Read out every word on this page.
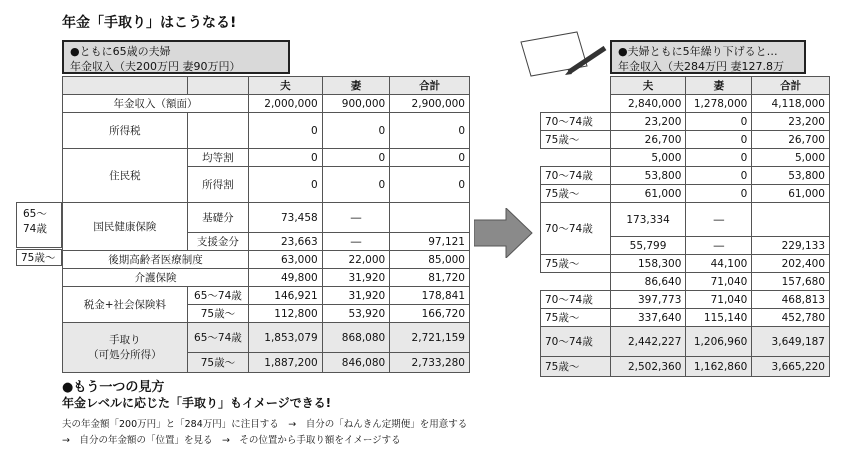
年金「手取り」はこうなる!
●ともに65歳の夫婦
年金収入（夫200万円 妻90万円）
65～
74歳
75歳～
		夫	妻	合計
年金収入（額面）		2,000,000	900,000	2,900,000
所得税		0	0	0
住民税	均等割	0	0	0
	所得割	0	0	0
国民健康保険	基礎分	73,458	―	
	支援金分	23,663	―	97,121
後期高齢者医療制度		63,000	22,000	85,000
介護保険		49,800	31,920	81,720
税金+社会保険料	65～74歳	146,921	31,920	178,841
	75歳～	112,800	53,920	166,720

手取り
（可処分所得）	65～74歳	1,853,079	868,080	2,721,159
	75歳～	1,887,200	846,080	2,733,280
●夫婦ともに5年繰り下げると…
年金収入（夫284万円 妻127.8万
	夫	妻	合計
	2,840,000	1,278,000	4,118,000
70～74歳	23,200	0	23,200
75歳～	26,700	0	26,700
	5,000	0	5,000
70～74歳	53,800	0	53,800
75歳～	61,000	0	61,000
70～74歳	173,334	―	
	55,799	―	229,133
75歳～	158,300	44,100	202,400
	86,640	71,040	157,680
70～74歳	397,773	71,040	468,813
75歳～	337,640	115,140	452,780
70～74歳	2,442,227	1,206,960	3,649,187
75歳～	2,502,360	1,162,860	3,665,220
●もう一つの見方
年金レベルに応じた「手取り」もイメージできる!
夫の年金額「200万円」と「284万円」に注目する　→　自分の「ねんきん定期便」を用意する
→　自分の年金額の「位置」を見る　→　その位置から手取り額をイメージする
